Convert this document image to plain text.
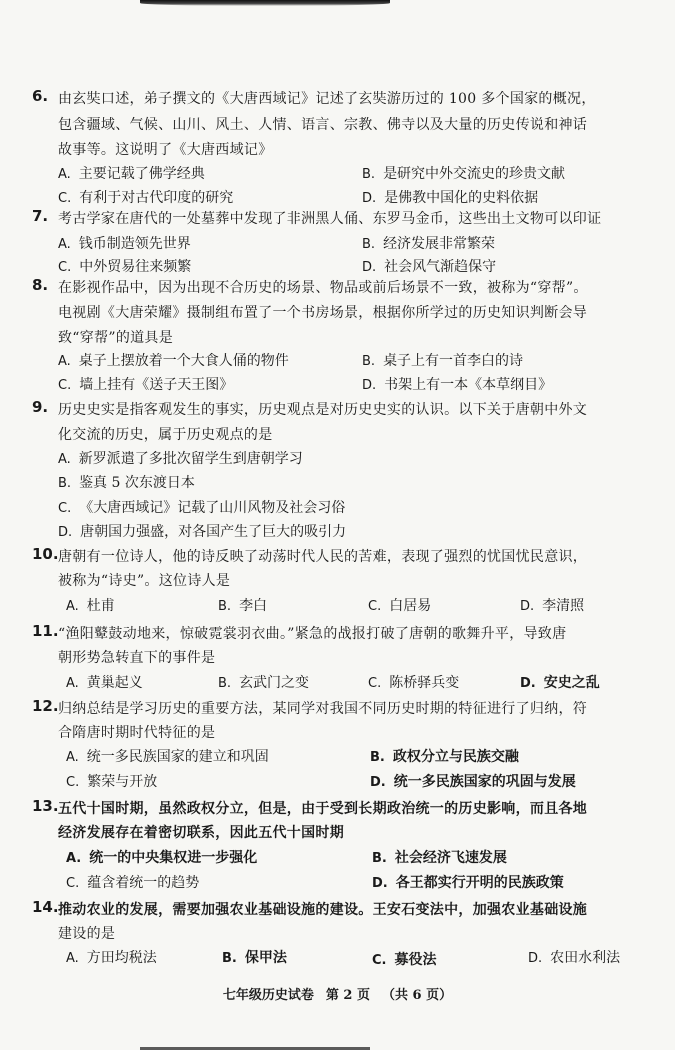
6. 由玄奘口述，弟子撰文的《大唐西域记》记述了玄奘游历过的 100 多个国家的概况，
包含疆域、气候、山川、风土、人情、语言、宗教、佛寺以及大量的历史传说和神话
故事等。这说明了《大唐西域记》
A. 主要记载了佛学经典	B. 是研究中外交流史的珍贵文献
C. 有利于对古代印度的研究	D. 是佛教中国化的史料依据
7. 考古学家在唐代的一处墓葬中发现了非洲黑人俑、东罗马金币，这些出土文物可以印证
A. 钱币制造领先世界	B. 经济发展非常繁荣
C. 中外贸易往来频繁	D. 社会风气渐趋保守
8. 在影视作品中，因为出现不合历史的场景、物品或前后场景不一致，被称为“穿帮”。
电视剧《大唐荣耀》摄制组布置了一个书房场景，根据你所学过的历史知识判断会导
致“穿帮”的道具是
A. 桌子上摆放着一个大食人俑的物件	B. 桌子上有一首李白的诗
C. 墙上挂有《送子天王图》	D. 书架上有一本《本草纲目》
9. 历史史实是指客观发生的事实，历史观点是对历史史实的认识。以下关于唐朝中外文
化交流的历史，属于历史观点的是
A. 新罗派遣了多批次留学生到唐朝学习
B. 鉴真 5 次东渡日本
C. 《大唐西域记》记载了山川风物及社会习俗
D. 唐朝国力强盛，对各国产生了巨大的吸引力
10. 唐朝有一位诗人，他的诗反映了动荡时代人民的苦难，表现了强烈的忧国忧民意识，
被称为“诗史”。这位诗人是
A. 杜甫	B. 李白	C. 白居易	D. 李清照
11. “渔阳鼙鼓动地来，惊破霓裳羽衣曲。”紧急的战报打破了唐朝的歌舞升平，导致唐
朝形势急转直下的事件是
A. 黄巢起义	B. 玄武门之变	C. 陈桥驿兵变	D. 安史之乱
12. 归纳总结是学习历史的重要方法，某同学对我国不同历史时期的特征进行了归纳，符
合隋唐时期时代特征的是
A. 统一多民族国家的建立和巩固	B. 政权分立与民族交融
C. 繁荣与开放	D. 统一多民族国家的巩固与发展
13. 五代十国时期，虽然政权分立，但是，由于受到长期政治统一的历史影响，而且各地
经济发展存在着密切联系，因此五代十国时期
A. 统一的中央集权进一步强化	B. 社会经济飞速发展
C. 蕴含着统一的趋势	D. 各王都实行开明的民族政策
14. 推动农业的发展，需要加强农业基础设施的建设。王安石变法中，加强农业基础设施
建设的是
A. 方田均税法	B. 保甲法	C. 募役法	D. 农田水利法
七年级历史试卷 第 2 页 （共 6 页）
